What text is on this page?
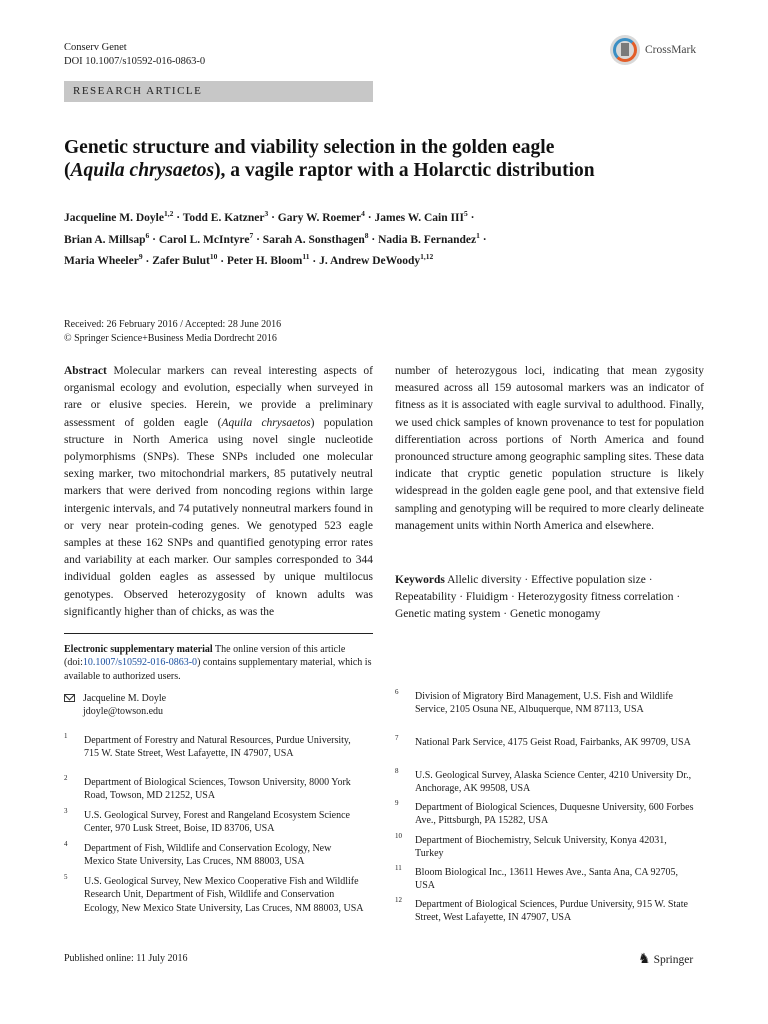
Conserv Genet
DOI 10.1007/s10592-016-0863-0
CrossMark
RESEARCH ARTICLE
Genetic structure and viability selection in the golden eagle
(Aquila chrysaetos), a vagile raptor with a Holarctic distribution
Jacqueline M. Doyle$^{1,2}$ · Todd E. Katzner$^3$ · Gary W. Roemer$^4$ · James W. Cain $III^5$ ·
Brian A. Millsap$^6$ · Carol L. McIntyre$^7$ · Sarah A. Sonsthagen$^8$ · Nadia B. Fernandez$^1$ ·
Maria Wheeler$^9$ · Zafer Bulut$^{10}$ · Peter H. Bloom$^{11}$ · J. Andrew DeWoody$^{1,12}$
Received: 26 February 2016 / Accepted: 28 June 2016
© Springer Science+Business Media Dordrecht 2016
Abstract Molecular markers can reveal interesting aspects of organismal ecology and evolution, especially when surveyed in rare or elusive species. Herein, we provide a preliminary assessment of golden eagle (Aquila chrysaetos) population structure in North America using novel single nucleotide polymorphisms (SNPs). These SNPs included one molecular sexing marker, two mitochondrial markers, 85 putatively neutral markers that were derived from noncoding regions within large intergenic intervals, and 74 putatively nonneutral markers found in or very near protein-coding genes. We genotyped 523 eagle samples at these 162 SNPs and quantified genotyping error rates and variability at each marker. Our samples corresponded to 344 individual golden eagles as assessed by unique multilocus genotypes. Observed heterozygosity of known adults was significantly higher than of chicks, as was the
number of heterozygous loci, indicating that mean zygosity measured across all 159 autosomal markers was an indicator of fitness as it is associated with eagle survival to adulthood. Finally, we used chick samples of known provenance to test for population differentiation across portions of North America and found pronounced structure among geographic sampling sites. These data indicate that cryptic genetic population structure is likely widespread in the golden eagle gene pool, and that extensive field sampling and genotyping will be required to more clearly delineate management units within North America and elsewhere.
Keywords Allelic diversity · Effective population size · Repeatability · Fluidigm · Heterozygosity fitness correlation · Genetic mating system · Genetic monogamy
Electronic supplementary material The online version of this article (doi:10.1007/s10592-016-0863-0) contains supplementary material, which is available to authorized users.
Jacqueline M. Doyle
jdoyle@towson.edu
1 Department of Forestry and Natural Resources, Purdue University, 715 W. State Street, West Lafayette, IN 47907, USA
2 Department of Biological Sciences, Towson University, 8000 York Road, Towson, MD 21252, USA
3 U.S. Geological Survey, Forest and Rangeland Ecosystem Science Center, 970 Lusk Street, Boise, ID 83706, USA
4 Department of Fish, Wildlife and Conservation Ecology, New Mexico State University, Las Cruces, NM 88003, USA
5 U.S. Geological Survey, New Mexico Cooperative Fish and Wildlife Research Unit, Department of Fish, Wildlife and Conservation Ecology, New Mexico State University, Las Cruces, NM 88003, USA
6 Division of Migratory Bird Management, U.S. Fish and Wildlife Service, 2105 Osuna NE, Albuquerque, NM 87113, USA
7 National Park Service, 4175 Geist Road, Fairbanks, AK 99709, USA
8 U.S. Geological Survey, Alaska Science Center, 4210 University Dr., Anchorage, AK 99508, USA
9 Department of Biological Sciences, Duquesne University, 600 Forbes Ave., Pittsburgh, PA 15282, USA
10 Department of Biochemistry, Selcuk University, Konya 42031, Turkey
11 Bloom Biological Inc., 13611 Hewes Ave., Santa Ana, CA 92705, USA
12 Department of Biological Sciences, Purdue University, 915 W. State Street, West Lafayette, IN 47907, USA
Published online: 11 July 2016	♞ Springer
